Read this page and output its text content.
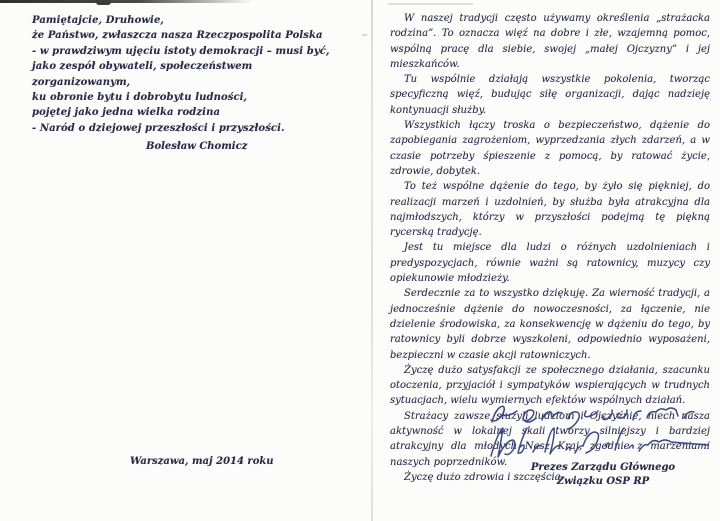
Pamiętajcie, Druhowie,
że Państwo, zwłaszcza nasza Rzeczpospolita Polska
- w prawdziwym ujęciu istoty demokracji – musi być,
jako zespół obywateli, społeczeństwem zorganizowanym,
ku obronie bytu i dobrobytu ludności,
pojętej jako jedna wielka rodzina
- Naród o dziejowej przeszłości i przyszłości.
Bolesław Chomicz
Warszawa, maj 2014 roku

W naszej tradycji często używamy określenia „strażacka rodzina”. To oznacza więź na dobre i złe, wzajemną pomoc, wspólną pracę dla siebie, swojej „małej Ojczyzny” i jej mieszkańców.

Tu wspólnie działają wszystkie pokolenia, tworząc specyficzną więź, budując siłę organizacji, dając nadzieję kontynuacji służby.

Wszystkich łączy troska o bezpieczeństwo, dążenie do zapobiegania zagrożeniom, wyprzedzania złych zdarzeń, a w czasie potrzeby śpieszenie z pomocą, by ratować życie, zdrowie, dobytek.

To też wspólne dążenie do tego, by żyło się piękniej, do realizacji marzeń i uzdolnień, by służba była atrakcyjna dla najmłodszych, którzy w przyszłości podejmą tę piękną rycerską tradycję.

Jest tu miejsce dla ludzi o różnych uzdolnieniach i predyspozycjach, równie ważni są ratownicy, muzycy czy opiekunowie młodzieży.

Serdecznie za to wszystko dziękuję. Za wierność tradycji, a jednocześnie dążenie do nowoczesności, za łączenie, nie dzielenie środowiska, za konsekwencję w dążeniu do tego, by ratownicy byli dobrze wyszkoleni, odpowiednio wyposażeni, bezpieczni w czasie akcji ratowniczych.

Życzę dużo satysfakcji ze społecznego działania, szacunku otoczenia, przyjaciół i sympatyków wspierających w trudnych sytuacjach, wielu wymiernych efektów wspólnych działań.

Strażacy zawsze służyli ludziom i Ojczyźnie, niech nasza aktywność w lokalnej skali tworzy silniejszy i bardziej atrakcyjny dla młodych Nasz Kraj, zgodnie z marzeniami naszych poprzedników.

Życzę dużo zdrowia i szczęścia

Prezes Zarządu Głównego
Związku OSP RP
